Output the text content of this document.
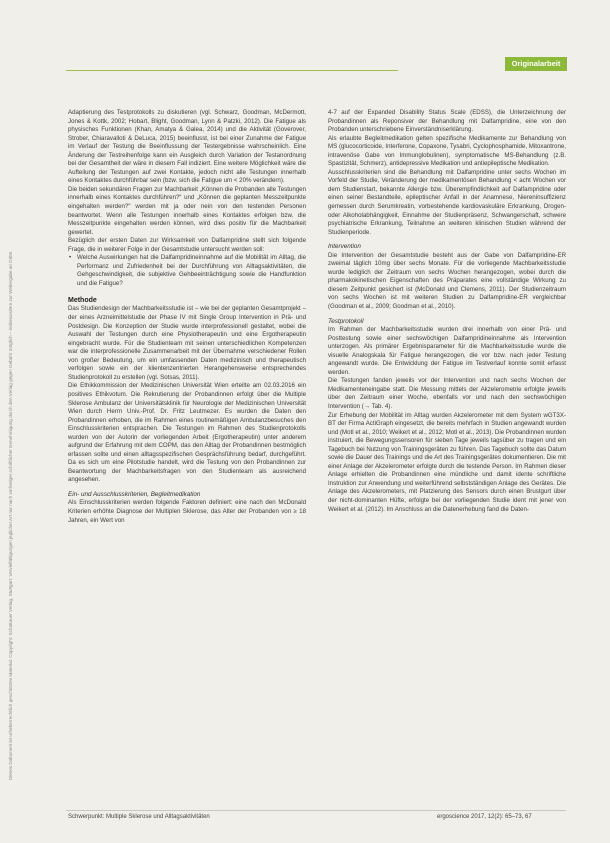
Dieses Dokument ist urheberrechtlich geschütztes Material. Copyright: Schattauer Verlag, Stuttgart. Vervielfältigungen jeglicher Art nur nach vorheriger schriftlicher Genehmigung durch den Verlag gegen Gebühr möglich – insbesondere zur Weitergabe an Dritte.
Originalarbeit

Adaptierung des Testprotokolls zu diskutieren (vgl. Schwarz, Goodman, McDermott, Jones & Kottk, 2002; Hobart, Blight, Goodman, Lynn & Patzki, 2012). Die Fatigue als physisches Funktionen (Khan, Amatya & Galea, 2014) und die Aktivität (Goverover, Strober, Chiaravalloti & DeLuca, 2015) beeinflusst, ist bei einer Zunahme der Fatigue im Verlauf der Testung die Beeinflussung der Testergebnisse wahrscheinlich. Eine Änderung der Testreihenfolge kann ein Ausgleich durch Variation der Testanordnung bei der Gesamtheit der wäre in diesem Fall indiziert. Eine weitere Möglichkeit wäre die Aufteilung der Testungen auf zwei Kontakte, jedoch nicht alle Testungen innerhalb eines Kontaktes durchführbar sein (bzw. sich die Fatigue um < 20% verändern).

Die beiden sekundären Fragen zur Machbarkeit „Können die Probanden alle Testungen innerhalb eines Kontaktes durchführen?“ und „Können die geplanten Messzeitpunkte eingehalten werden?“ werden mit ja oder nein von den testenden Personen beantwortet. Wenn alle Testungen innerhalb eines Kontaktes erfolgen bzw. die Messzeitpunkte eingehalten werden können, wird dies positiv für die Machbarkeit gewertet.

Bezüglich der ersten Daten zur Wirksamkeit von Dalfampridine stellt sich folgende Frage, die in weiterer Folge in der Gesamtstudie untersucht werden soll:

• Welche Auswirkungen hat die Dalfampridineinnahme auf die Mobilität im Alltag, die Performanz und Zufriedenheit bei der Durchführung von Alltagsaktivitäten, die Gehgeschwindigkeit, die subjektive Gehbeeinträchtigung sowie die Handfunktion und die Fatigue?

Methode

Das Studiendesign der Machbarkeitsstudie ist – wie bei der geplanten Gesamtprojekt – der eines Arzneimittelstudie der Phase IV mit Single Group Intervention in Prä- und Postdesign. Die Konzeption der Studie wurde interprofessionell gestaltet, wobei die Auswahl der Testungen durch eine Physiotherapeutin und eine Ergotherapeutin eingebracht wurde. Für die Studienteam mit seinen unterschiedlichen Kompetenzen war die interprofessionelle Zusammenarbeit mit der Übernahme verschiedener Rollen von großer Bedeutung, um ein umfassenden Daten medizinisch und therapeutisch verfolgen sowie ein der klientenzentrierten Herangehensweise entsprechendes Studienprotokoll zu erstellen (vgl. Sotsas, 2011).

Die Ethikkommission der Medizinischen Universität Wien erteilte am 02.03.2016 ein positives Ethikvotum. Die Rekrutierung der Probandinnen erfolgt über die Multiple Sklerose Ambulanz der Universitätsklinik für Neurologie der Medizinischen Universität Wien durch Herrn Univ.-Prof. Dr. Fritz Leutmezer. Es wurden die Daten den Probandinnen erhoben, die im Rahmen eines routinemäßigen Ambulanzbesuches den Einschlusskriterien entsprachen. Die Testungen im Rahmen des Studienprotokolls wurden von der Autorin der vorliegenden Arbeit (Ergotherapeutin) unter anderem aufgrund der Erfahrung mit dem COPM, das den Alltag der Probandinnen bestmöglich erfassen sollte und einen alltagsspezifischen Gesprächsführung bedarf, durchgeführt. Da es sich um eine Pilotstudie handelt, wird die Testung von den Probandinnen zur Beantwortung der Machbarkeitsfragen von den Studienteam als ausreichend angesehen.

Ein- und Ausschlusskriterien, Begleitmedikation

Als Einschlusskriterien werden folgende Faktoren definiert: eine nach den McDonald Kriterien erhöhte Diagnose der Multiplen Sklerose, das Alter der Probanden von ≥ 18 Jahren, ein Wert von

4-7 auf der Expanded Disability Status Scale (EDSS), die Unterzeichnung der Probandinnen als Reponsiver der Behandlung mit Dalfampridine, eine von den Probanden unterschriebene Einverständniserklärung.

Als erlaubte Begleitmedikation gelten spezifische Medikamente zur Behandlung von MS (glucocorticoide, Interferone, Copaxone, Tysabri, Cyclophosphamide, Mitoxantrone, intravenöse Gabe von Immunglobulinen), symptomatische MS-Behandlung (z.B. Spastizität, Schmerz), antidepressive Medikation und antiepileptische Medikation.

Ausschlusskriterien sind die Behandlung mit Dalfampridine unter sechs Wochen im Vorfeld der Studie, Veränderung der medikamentösen Behandlung < acht Wochen vor dem Studienstart, bekannte Allergie bzw. Überempfindlichkeit auf Dalfampridine oder einen seiner Bestandteile, epileptischer Anfall in der Anamnese, Niereninsuffizienz gemessen durch Serumkreatin, vorbestehende kardiovaskuläre Erkrankung, Drogen- oder Alkoholabhängigkeit, Einnahme der Studienpräsenz, Schwangerschaft, schwere psychiatrische Erkrankung, Teilnahme an weiteren klinischen Studien während der Studienperiode.

Intervention

Die Intervention der Gesamtstudie besteht aus der Gabe von Dalfampridine-ER zweimal täglich 10mg über sechs Monate. Für die vorliegende Machbarkeitsstudie wurde lediglich der Zeitraum von sechs Wochen herangezogen, wobei durch die pharmakokinetischen Eigenschaften des Präparates eine vollständige Wirkung zu diesem Zeitpunkt gesichert ist (McDonald und Clemens, 2011). Der Studienzeitraum von sechs Wochen ist mit weiteren Studien zu Dalfampridine-ER vergleichbar (Goodman et al., 2009; Goodman et al., 2010).

Testprotokoll

Im Rahmen der Machbarkeitsstudie wurden drei innerhalb von einer Prä- und Posttestung sowie einer sechswöchigen Dalfampridineinnahme als Intervention unterzogen. Als primärer Ergebnisparameter für die Machbarkeitsstudie wurde die visuelle Analogskala für Fatigue herangezogen, die vor bzw. nach jeder Testung angewandt wurde. Die Entwicklung der Fatigue im Testverlauf konnte somit erfasst werden.

Die Testungen fanden jeweils vor der Intervention und nach sechs Wochen der Medikamenteneingabe statt. Die Messung mittels der Akzelerometrie erfolgte jeweils über den Zeitraum einer Woche, ebenfalls vor und nach den sechswöchigen Intervention (→ Tab. 4).

Zur Erhebung der Mobilität im Alltag wurden Akzelerometer mit dem System wGT3X-BT der Firma ActiGraph eingesetzt, die bereits mehrfach in Studien angewandt wurden und (Motl et al., 2010; Weikert et al., 2012; Motl et al., 2013). Die Probandinnen wurden instruiert, die Bewegungssensoren für sieben Tage jeweils tagsüber zu tragen und ein Tagebuch bei Nutzung von Trainingsgeräten zu führen. Das Tagebuch sollte das Datum sowie die Dauer des Trainings und die Art des Trainingsgerätes dokumentieren. Die mit einer Anlage der Akzelerometer erfolgte durch die testende Person. Im Rahmen dieser Anlage erhielten die Probandinnen eine mündliche und damit idente schriftliche Instruktion zur Anwendung und weiterführend selbstständigen Anlage des Gerätes. Die Anlage des Akzelerometers, mit Platzierung des Sensors durch einen Brustgurt über der nicht-dominanten Hüfte, erfolgte bei der vorliegenden Studie ident mit jener von Weikert et al. (2012). Im Anschluss an die Datenerhebung fand die Daten-

Schwerpunkt: Multiple Sklerose und Alltagsaktivitäten	ergoscience 2017, 12(2): 65–73, 67
